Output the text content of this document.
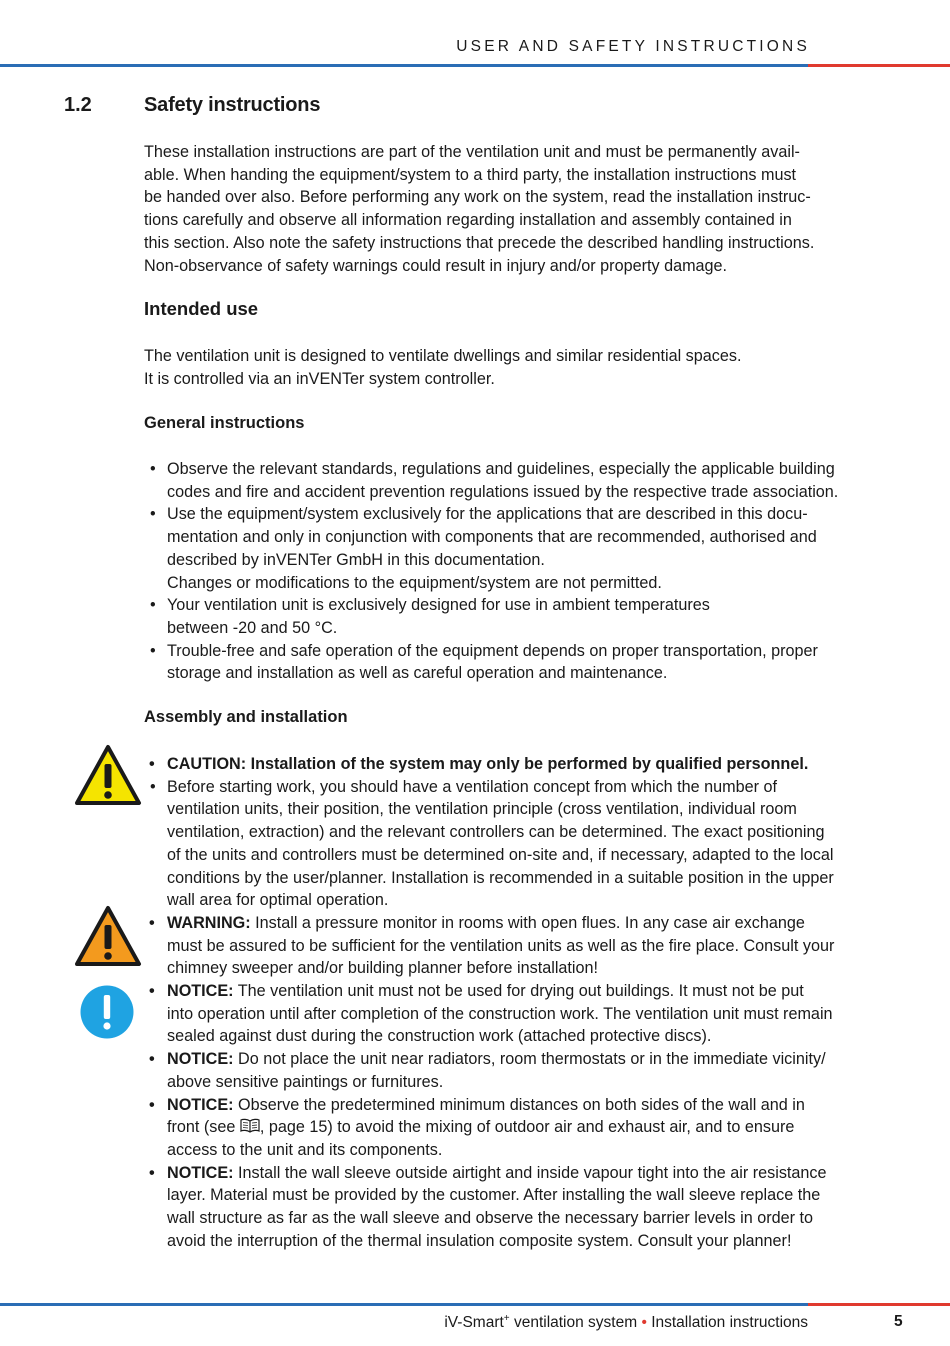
USER AND SAFETY INSTRUCTIONS
1.2	Safety instructions
These installation instructions are part of the ventilation unit and must be permanently avail-
able. When handing the equipment/system to a third party, the installation instructions must
be handed over also. Before performing any work on the system, read the installation instruc-
tions carefully and observe all information regarding installation and assembly contained in
this section. Also note the safety instructions that precede the described handling instructions.
Non-observance of safety warnings could result in injury and/or property damage.
Intended use
The ventilation unit is designed to ventilate dwellings and similar residential spaces.
It is controlled via an inVENTer system controller.
General instructions
• Observe the relevant standards, regulations and guidelines, especially the applicable building
codes and fire and accident prevention regulations issued by the respective trade association.
• Use the equipment/system exclusively for the applications that are described in this docu-
mentation and only in conjunction with components that are recommended, authorised and
described by inVENTer GmbH in this documentation.
Changes or modifications to the equipment/system are not permitted.
• Your ventilation unit is exclusively designed for use in ambient temperatures
between -20 and 50 °C.
• Trouble-free and safe operation of the equipment depends on proper transportation, proper
storage and installation as well as careful operation and maintenance.
Assembly and installation
• CAUTION: Installation of the system may only be performed by qualified personnel.
• Before starting work, you should have a ventilation concept from which the number of
ventilation units, their position, the ventilation principle (cross ventilation, individual room
ventilation, extraction) and the relevant controllers can be determined. The exact positioning
of the units and controllers must be determined on-site and, if necessary, adapted to the local
conditions by the user/planner. Installation is recommended in a suitable position in the upper
wall area for optimal operation.
• WARNING: Install a pressure monitor in rooms with open flues. In any case air exchange
must be assured to be sufficient for the ventilation units as well as the fire place. Consult your
chimney sweeper and/or building planner before installation!
• NOTICE: The ventilation unit must not be used for drying out buildings. It must not be put
into operation until after completion of the construction work. The ventilation unit must remain
sealed against dust during the construction work (attached protective discs).
• NOTICE: Do not place the unit near radiators, room thermostats or in the immediate vicinity/
above sensitive paintings or furnitures.
• NOTICE: Observe the predetermined minimum distances on both sides of the wall and in
front (see , page 15) to avoid the mixing of outdoor air and exhaust air, and to ensure
access to the unit and its components.
• NOTICE: Install the wall sleeve outside airtight and inside vapour tight into the air resistance
layer. Material must be provided by the customer. After installing the wall sleeve replace the
wall structure as far as the wall sleeve and observe the necessary barrier levels in order to
avoid the interruption of the thermal insulation composite system. Consult your planner!
iV-Smart+ ventilation system • Installation instructions	5
